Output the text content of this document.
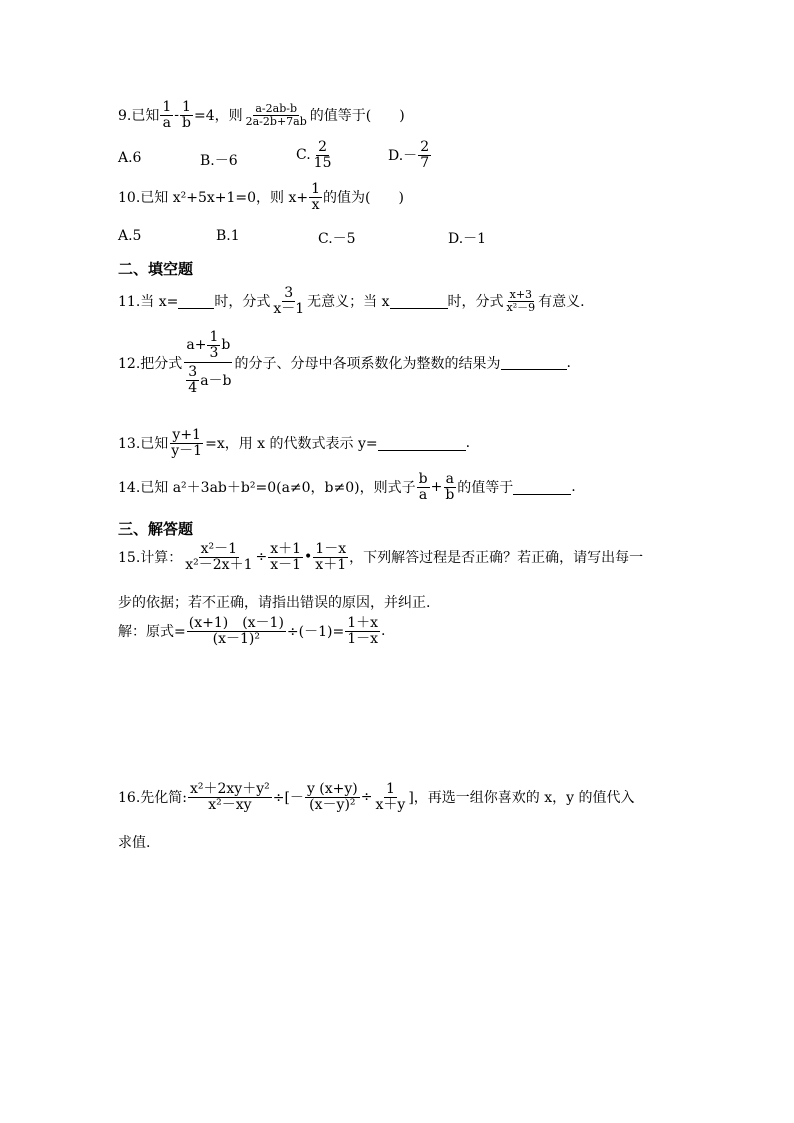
9.已知 $\frac{1}{a} - \frac{1}{b} =4$，则 $\frac{a-2ab-b}{2a-2b+7ab}$ 的值等于(　　)
A.6	B.－6	C. $\frac{2}{15}$	$D.- \frac{2}{7}$
10.已知 x²+5x+1=0，则 $x+ \frac{1}{x}$ 的值为(　　)
A.5	B.1	C.－5	D.－1
二、填空题
11.当 x=	时，分式 $\frac{3}{x-1}$ 无意义；当 x	时，分式 $\frac{x+3}{\text{x²－9}}$ 有意义.
12.把分式 $\frac{a+ \frac{1}{3} b}{\frac{3}{4} a-b}$ 的分子、分母中各项系数化为整数的结果为	.
13.已知 $\frac{y+1}{y-1} =x$，用 x 的代数式表示 y=	.
14.已知 a²＋3ab＋b²=0(a≠0，b≠0)，则式子 $\frac{b}{a} + \frac{a}{b}$ 的值等于	.
三、解答题
15.计算： $\frac{\text{x²－1}}{\text{x²－2x＋1}} \div \frac{x+1}{x-1}$ • $\frac{1-x}{x+1}$ ，下列解答过程是否正确？若正确，请写出每一
步的依据；若不正确，请指出错误的原因，并纠正.
解：原式= $\frac{(x+1) (x-1)}{\text{(x－1)²}} \div(-1)= \frac{1+x}{1-x}$ .
16.先化简: $\frac{\text{x²＋2xy＋y²}}{\text{x²－xy}}$ ÷[－ $\frac{y (x+y)}{\text{(x－y)²}} \div \frac{1}{x+y}$ ]，再选一组你喜欢的 x，y 的值代入
求值.
